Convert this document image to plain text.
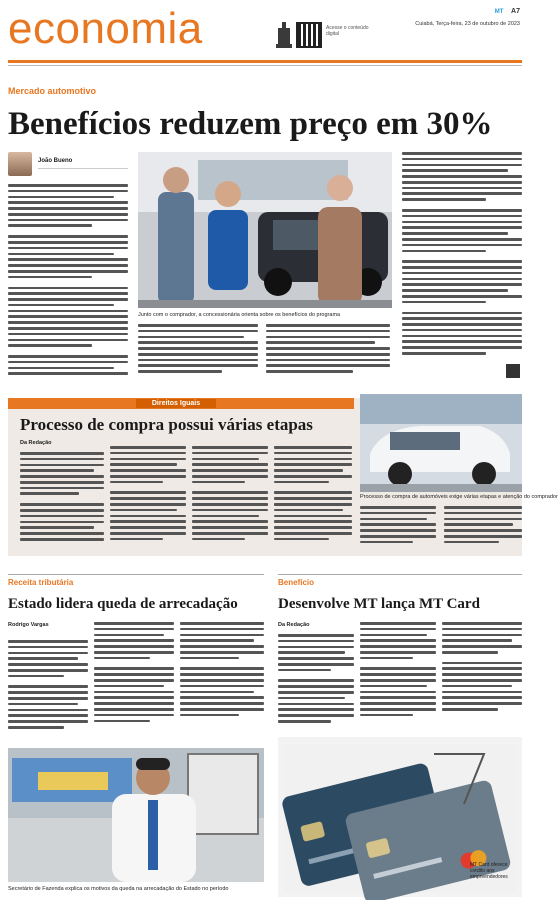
economia	Acesse o conteúdo digital
MT A7
Cuiabá, Terça-feira, 23 de outubro de 2023
Mercado automotivo
Benefícios reduzem preço em 30%
João Bueno
Junto com o comprador, a concessionária orienta sobre os benefícios do programa
Direitos Iguais
Processo de compra possui várias etapas
Da Redação
Processo de compra de automóveis exige várias etapas e atenção do comprador
Receita tributária
Estado lidera queda de arrecadação
Rodrigo Vargas
Secretário de Fazenda explica os motivos da queda na arrecadação do Estado no período
Benefício
Desenvolve MT lança MT Card
Da Redação
MT Card oferece crédito aos empreendedores
